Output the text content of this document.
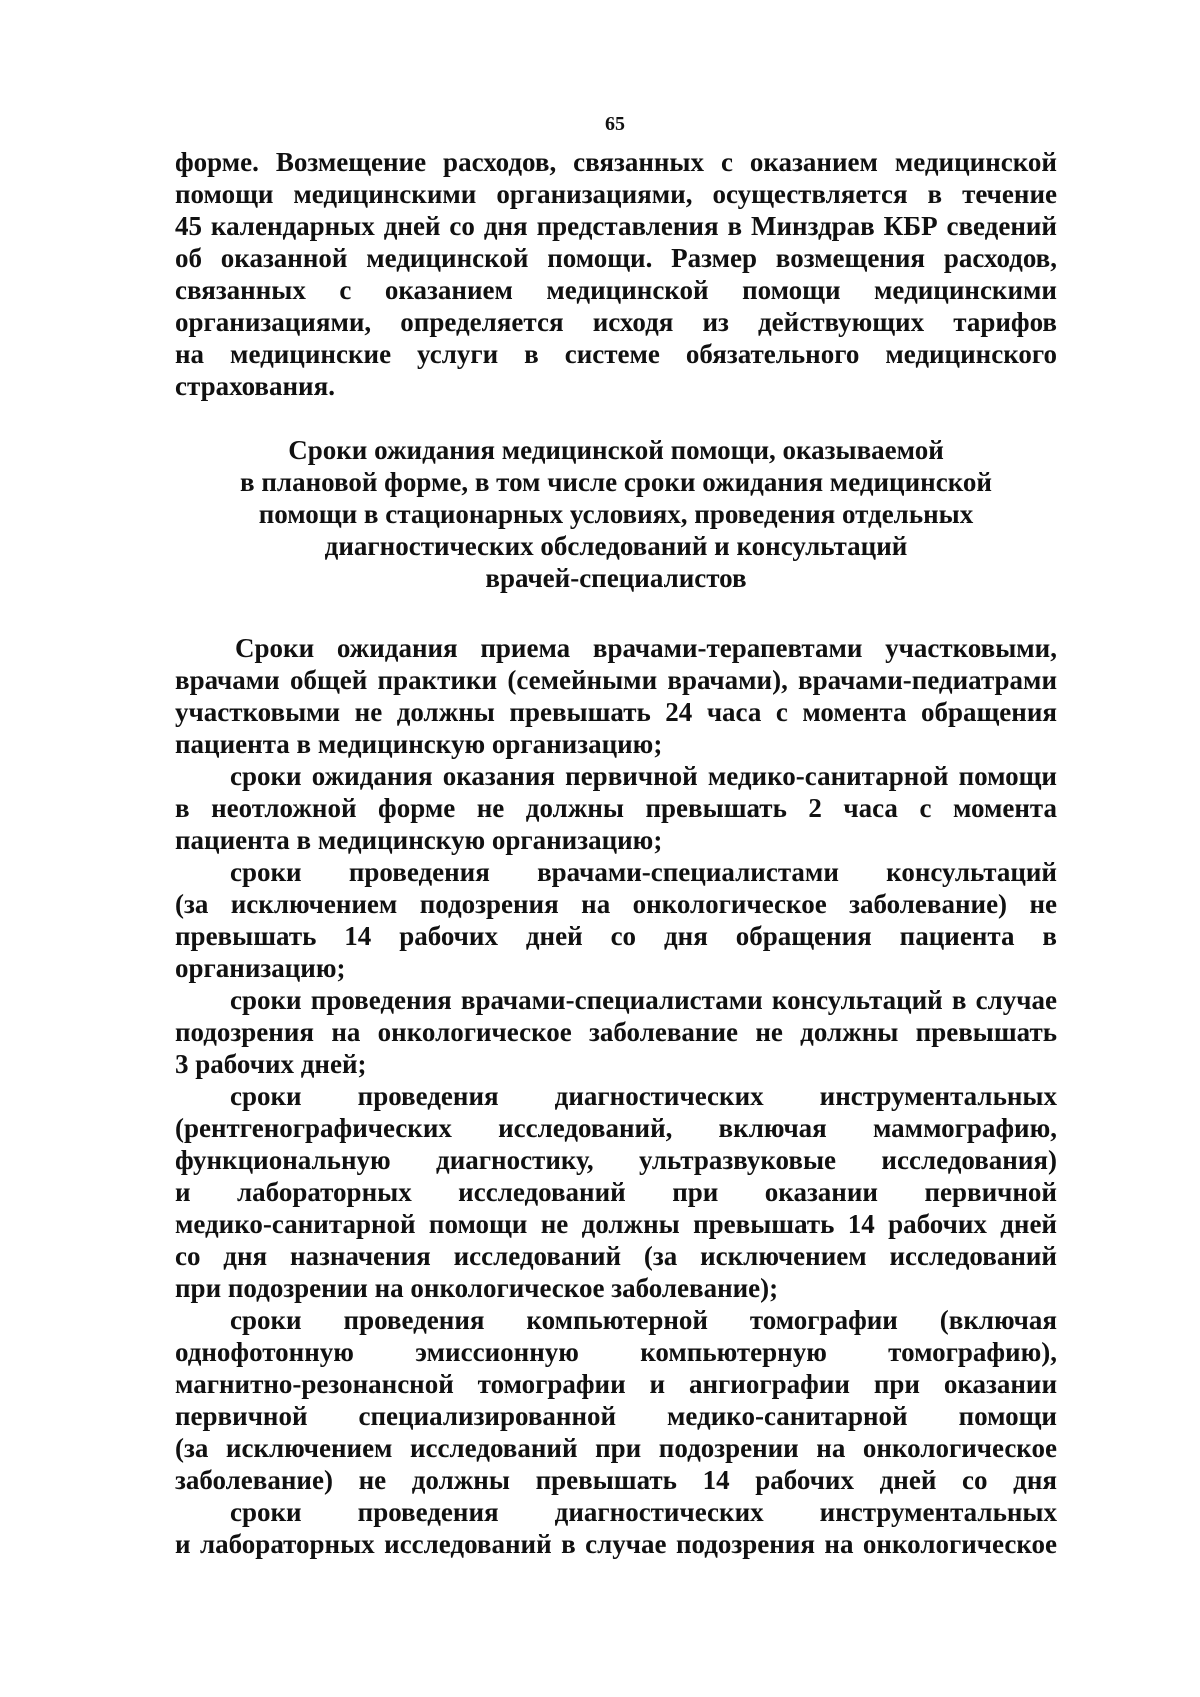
65
форме. Возмещение расходов, связанных с оказанием медицинской
помощи медицинскими организациями, осуществляется в течение
45 календарных дней со дня представления в Минздрав КБР сведений
об оказанной медицинской помощи. Размер возмещения расходов,
связанных с оказанием медицинской помощи медицинскими
организациями, определяется исходя из действующих тарифов
на медицинские услуги в системе обязательного медицинского
страхования.
Сроки ожидания медицинской помощи, оказываемой
в плановой форме, в том числе сроки ожидания медицинской
помощи в стационарных условиях, проведения отдельных
диагностических обследований и консультаций
врачей-специалистов
Сроки ожидания приема врачами-терапевтами участковыми,
врачами общей практики (семейными врачами), врачами-педиатрами
участковыми не должны превышать 24 часа с момента обращения
пациента в медицинскую организацию;
сроки ожидания оказания первичной медико-санитарной помощи
в неотложной форме не должны превышать 2 часа с момента
пациента в медицинскую организацию;
сроки проведения врачами-специалистами консультаций
(за исключением подозрения на онкологическое заболевание) не
превышать 14 рабочих дней со дня обращения пациента в
организацию;
сроки проведения врачами-специалистами консультаций в случае
подозрения на онкологическое заболевание не должны превышать
3 рабочих дней;
сроки проведения диагностических инструментальных
(рентгенографических исследований, включая маммографию,
функциональную диагностику, ультразвуковые исследования)
и лабораторных исследований при оказании первичной
медико-санитарной помощи не должны превышать 14 рабочих дней
со дня назначения исследований (за исключением исследований
при подозрении на онкологическое заболевание);
сроки проведения компьютерной томографии (включая
однофотонную эмиссионную компьютерную томографию),
магнитно-резонансной томографии и ангиографии при оказании
первичной специализированной медико-санитарной помощи
(за исключением исследований при подозрении на онкологическое
заболевание) не должны превышать 14 рабочих дней со дня
сроки проведения диагностических инструментальных
и лабораторных исследований в случае подозрения на онкологическое
